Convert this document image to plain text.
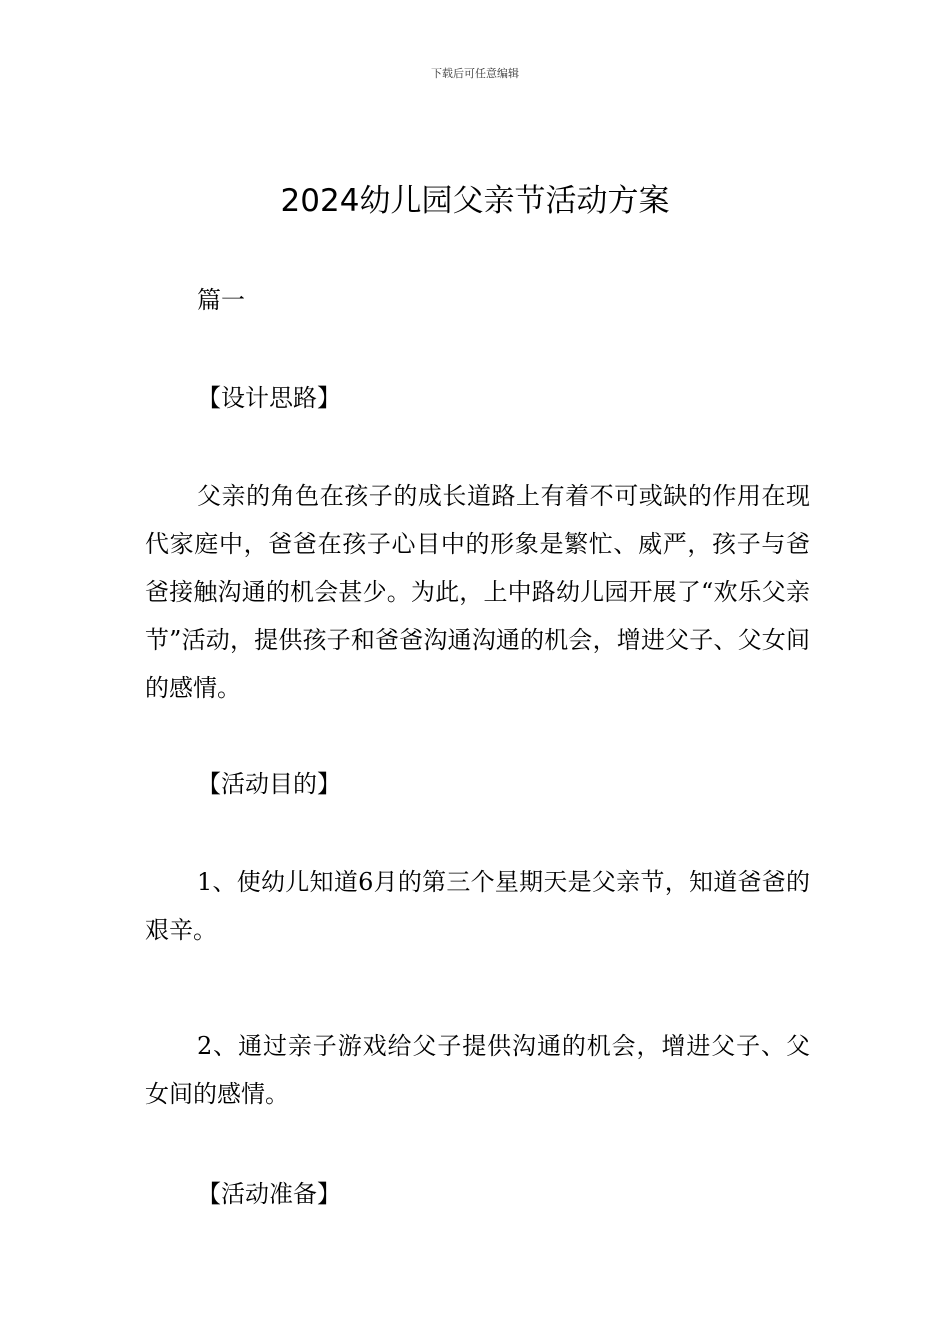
下载后可任意编辑
2024幼儿园父亲节活动方案

篇一

【设计思路】

父亲的角色在孩子的成长道路上有着不可或缺的作用在现代家庭中，爸爸在孩子心目中的形象是繁忙、威严，孩子与爸爸接触沟通的机会甚少。为此，上中路幼儿园开展了“欢乐父亲节”活动，提供孩子和爸爸沟通沟通的机会，增进父子、父女间的感情。

【活动目的】

1、使幼儿知道6月的第三个星期天是父亲节，知道爸爸的艰辛。

2、通过亲子游戏给父子提供沟通的机会，增进父子、父女间的感情。

【活动准备】
